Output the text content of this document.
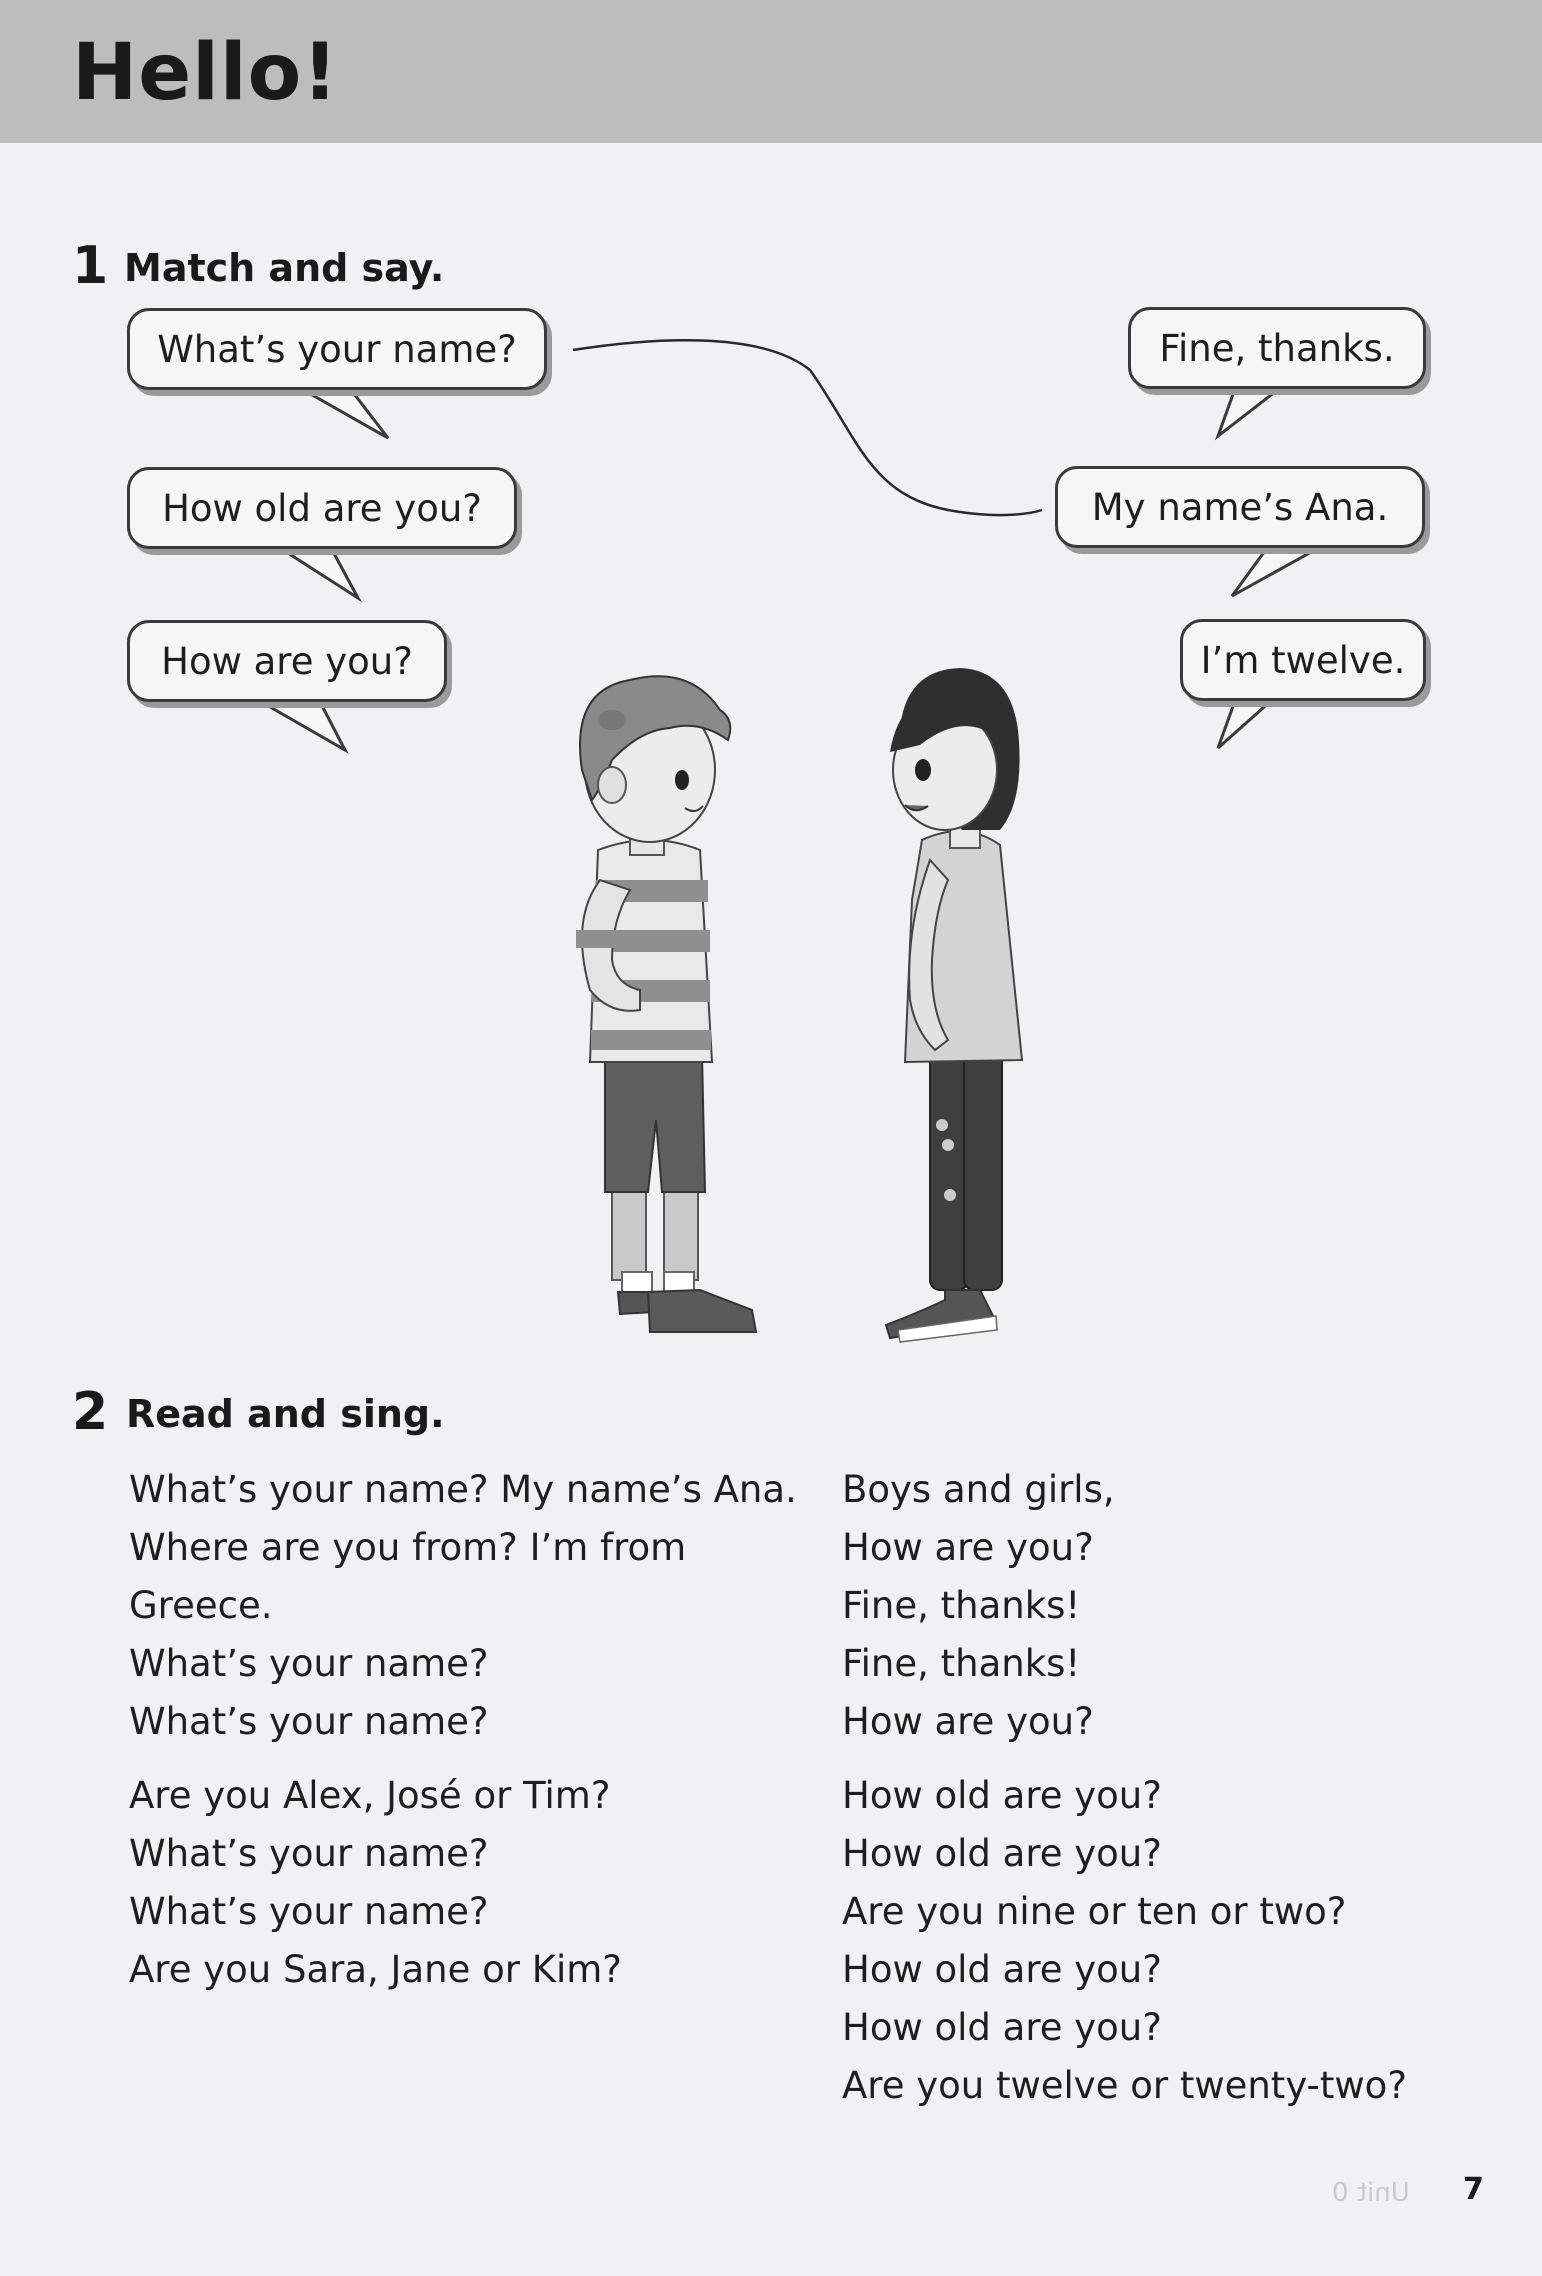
Hello!
1 Match and say.
What’s your name?
How old are you?
How are you?
Fine, thanks.
My name’s Ana.
I’m twelve.
2 Read and sing.
What’s your name? My name’s Ana.
Where are you from? I’m from
Greece.
What’s your name?
What’s your name?
Are you Alex, José or Tim?
What’s your name?
What’s your name?
Are you Sara, Jane or Kim?
Boys and girls,
How are you?
Fine, thanks!
Fine, thanks!
How are you?
How old are you?
How old are you?
Are you nine or ten or two?
How old are you?
How old are you?
Are you twelve or twenty-two?
Unit 0 7
